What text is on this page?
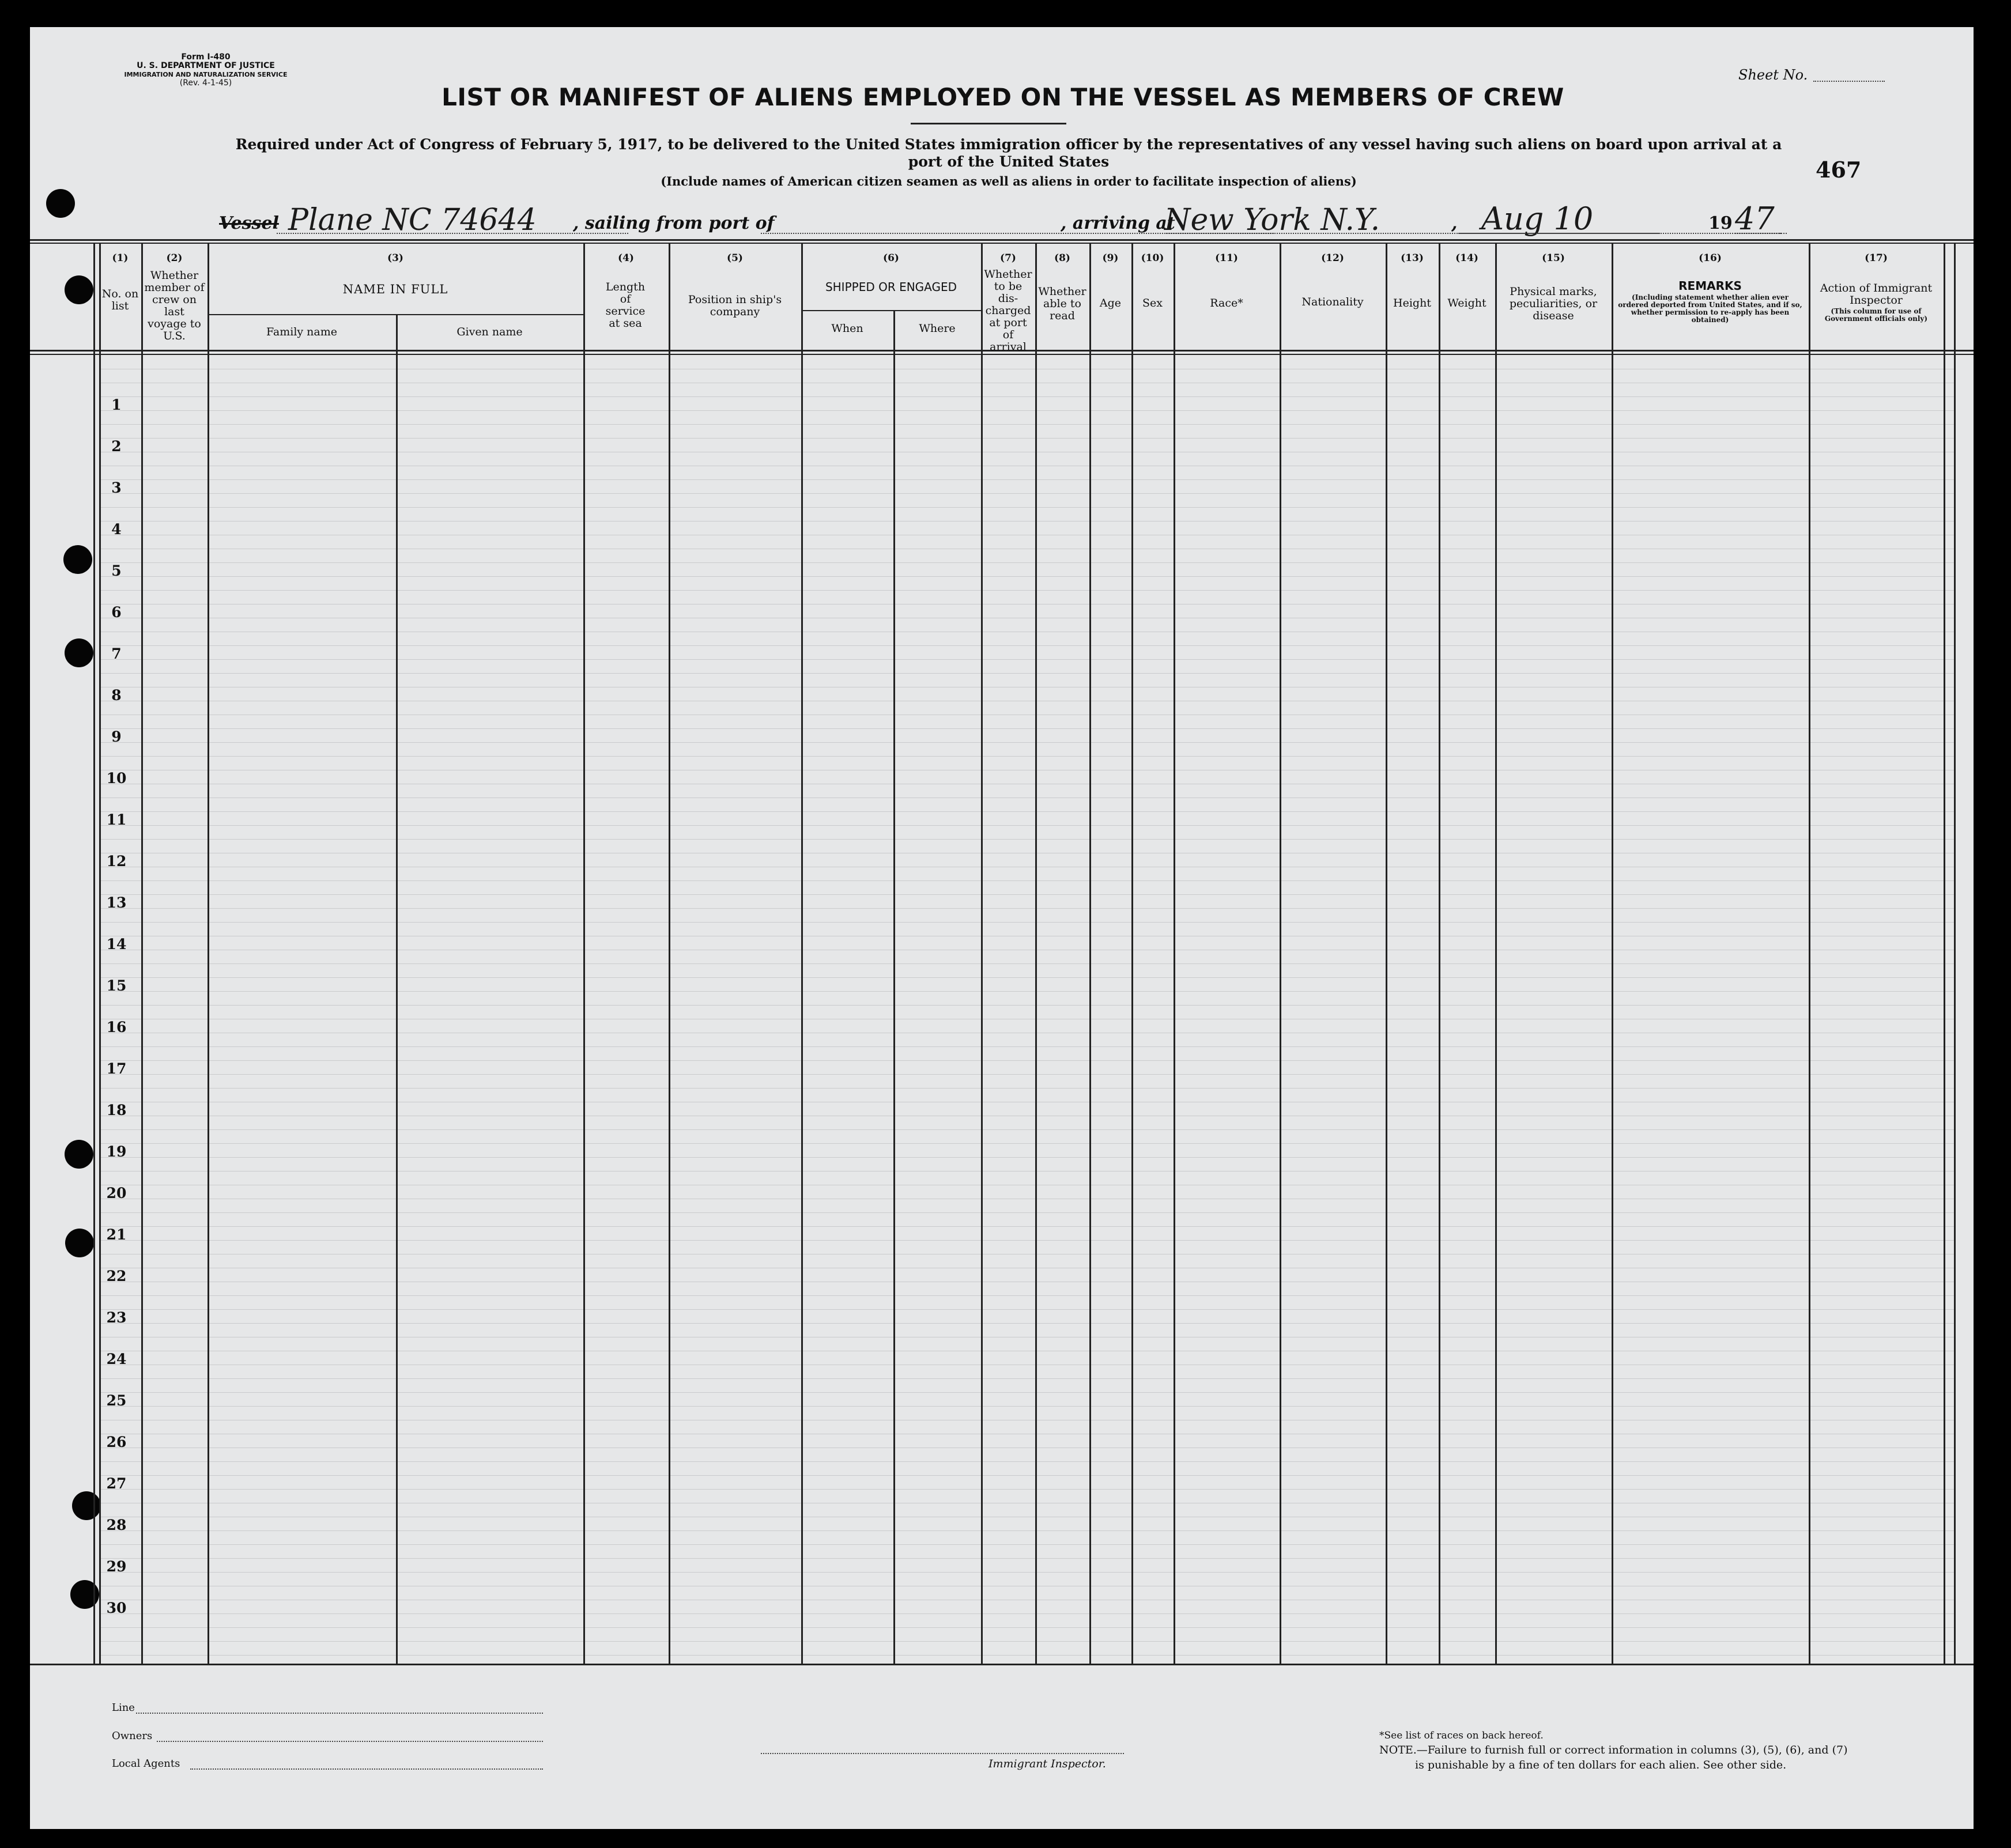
Form I-480
U. S. DEPARTMENT OF JUSTICE
IMMIGRATION AND NATURALIZATION SERVICE
(Rev. 4-1-45)	Sheet No.
LIST OR MANIFEST OF ALIENS EMPLOYED ON THE VESSEL AS MEMBERS OF CREW
Required under Act of Congress of February 5, 1917, to be delivered to the United States immigration officer by the representatives of any vessel having such aliens on board upon arrival at a
port of the United States
(Include names of American citizen seamen as well as aliens in order to facilitate inspection of aliens)	467
Vessel Plane NC 74644 , sailing from port of	, arriving at
New York N.Y.	, Aug 10	19 47
(1)
No. on list
(2)
Whether member of crew on last voyage to U.S.
(3)
NAME IN FULL
Family name	Given name
(4)
Length of service at sea
(5)
Position in ship's company
(6)
SHIPPED OR ENGAGED
When	Where
(7)
Whether to be dis-charged at port of arrival
(8)
Whether able to read
(9)
Age
(10)
Sex
(11)
Race*
(12)
Nationality
(13)
Height
(14)
Weight
(15)
Physical marks, peculiarities, or disease
(16)
REMARKS
(Including statement whether alien ever ordered deported from United States, and if so, whether permission to re-apply has been obtained)
(17)
Action of Immigrant Inspector
(This column for use of Government officials only)
1
2
3
4
5
6
7
8
9
10
11
12
13
14
15
16
17
18
19
20
21
22
23
24
25
26
27
28
29
30
Line
Owners
Local Agents	Immigrant Inspector.
*See list of races on back hereof.
NOTE.—Failure to furnish full or correct information in columns (3), (5), (6), and (7)
is punishable by a fine of ten dollars for each alien. See other side.
